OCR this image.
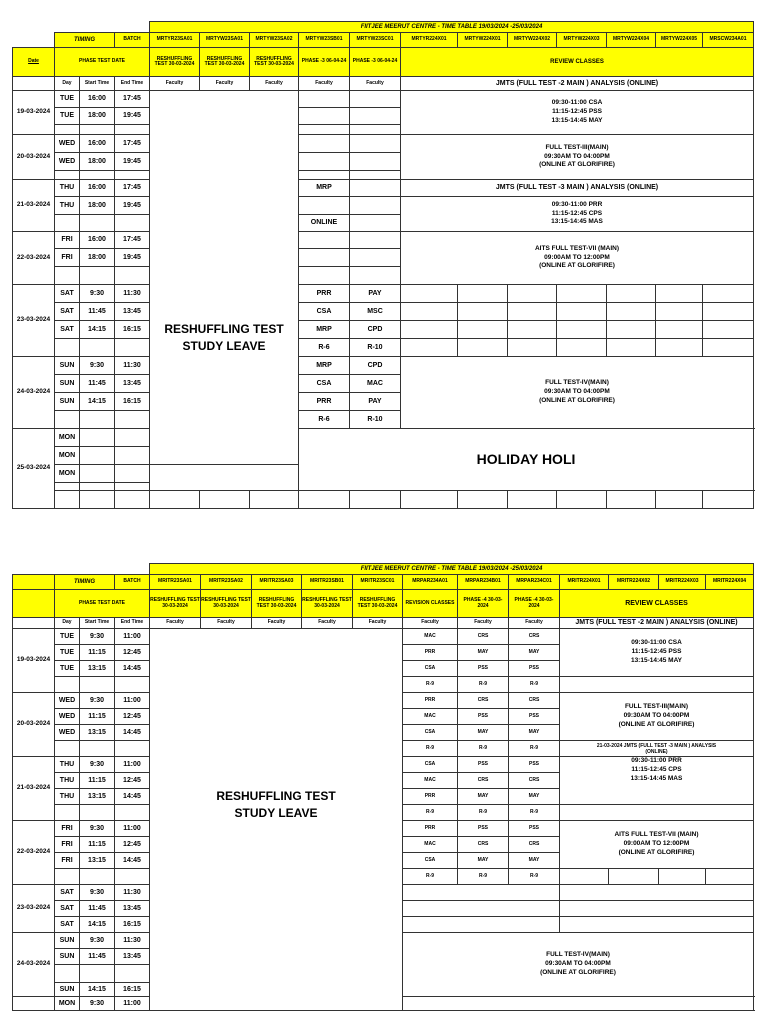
				FIITJEE MEERUT CENTRE - TIME TABLE 19/03/2024 -25/03/2024											
	TIMING		BATCH	MRTYR23SA01	MRTYW23SA01	MRTYW23SA02	MRTYW23SB01	MRTYW23SC01	MRTYR224X01	MRTYW224X01	MRTYW224X02	MRTYW224X03	MRTYW224X04	MRTYW224X05	MRSCW234A01
Date	PHASE TEST DATE			RESHUFFLING TEST 30-03-2024	RESHUFFLING TEST 30-03-2024	RESHUFFLING TEST 30-03-2024	PHASE -3 06-04-24	PHASE -3 06-04-24	REVIEW CLASSES						
	Day	Start Time	End Time	Faculty	Faculty	Faculty	Faculty	Faculty	JMTS (FULL TEST -2 MAIN ) ANALYSIS (ONLINE)						
19-03-2024	TUE	16:00	17:45	RESHUFFLING TEST
STUDY LEAVE					09:30-11:00 CSA
11:15-12:45 PSS
13:15-14:45 MAY						
	TUE	18:00	19:45												

20-03-2024	WED	16:00	17:45						FULL TEST-III(MAIN)
09:30AM TO 04:00PM
(ONLINE AT GLORIFIRE)						
	WED	18:00	19:45												

21-03-2024	THU	16:00	17:45				MRP		JMTS (FULL TEST -3 MAIN ) ANALYSIS (ONLINE)						
	THU	18:00	19:45						09:30-11:00 PRR
11:15-12:45 CPS
13:15-14:45 MAS						
							ONLINE								
22-03-2024	FRI	16:00	17:45						AITS FULL TEST-VII (MAIN)
09:00AM TO 12:00PM
(ONLINE AT GLORIFIRE)						
	FRI	18:00	19:45												

23-03-2024	SAT	9:30	11:30				PRR	PAY							
	SAT	11:45	13:45				CSA	MSC							
	SAT	14:15	16:15				MRP	CPD							
							R-6	R-10							
24-03-2024	SUN	9:30	11:30				MRP	CPD	FULL TEST-IV(MAIN)
09:30AM TO 04:00PM
(ONLINE AT GLORIFIRE)						
	SUN	11:45	13:45				CSA	MAC							
	SUN	14:15	16:15				PRR	PAY							
							R-6	R-10							
25-03-2024	MON						HOLIDAY HOLI								
	MON														
	MON														

				FIITJEE MEERUT CENTRE - TIME TABLE 19/03/2024 -25/03/2024											
	TIMING		BATCH	MRITR23SA01	MRITR23SA02	MRITR23SA03	MRITR23SB01	MRITR23SC01	MRPAR234A01	MRPAR234B01	MRPAR234C01	MRITR224X01	MRITR224X02	MRITR224X03	MRITR224X04
	PHASE TEST DATE			RESHUFFLING TEST 30-03-2024	RESHUFFLING TEST 30-03-2024	RESHUFFLING TEST 30-03-2024	RESHUFFLING TEST 30-03-2024	RESHUFFLING TEST 30-03-2024	REVISION CLASSES	PHASE -4 30-03-2024	PHASE -4 30-03-2024	REVIEW CLASSES			
	Day	Start Time	End Time	Faculty	Faculty	Faculty	Faculty	Faculty	Faculty	Faculty	Faculty	JMTS (FULL TEST -2 MAIN ) ANALYSIS (ONLINE)			
19-03-2024	TUE	9:30	11:00	RESHUFFLING TEST
STUDY LEAVE					MAC	CRS	CRS	09:30-11:00 CSA
11:15-12:45 PSS
13:15-14:45 MAY			
	TUE	11:15	12:45						PRR	MAY	MAY				
	TUE	13:15	14:45						CSA	PSS	PSS				
									R-9	R-9	R-9				
20-03-2024	WED	9:30	11:00						PRR	CRS	CRS	FULL TEST-III(MAIN)
09:30AM TO 04:00PM
(ONLINE AT GLORIFIRE)			
	WED	11:15	12:45						MAC	PSS	PSS				
	WED	13:15	14:45						CSA	MAY	MAY				
									R-9	R-9	R-9	21-03-2024 JMTS (FULL TEST -3 MAIN ) ANALYSIS
(ONLINE)			
21-03-2024	THU	9:30	11:00						CSA	PSS	PSS	09:30-11:00 PRR
11:15-12:45 CPS
13:15-14:45 MAS			
	THU	11:15	12:45						MAC	CRS	CRS				
	THU	13:15	14:45						PRR	MAY	MAY				
									R-9	R-9	R-9				
22-03-2024	FRI	9:30	11:00						PRR	PSS	PSS	AITS FULL TEST-VII (MAIN)
09:00AM TO 12:00PM
(ONLINE AT GLORIFIRE)			
	FRI	11:15	12:45						MAC	CRS	CRS				
	FRI	13:15	14:45						CSA	MAY	MAY				
									R-9	R-9	R-9				
23-03-2024	SAT	9:30	11:30												
	SAT	11:45	13:45												
	SAT	14:15	16:15												
24-03-2024	SUN	9:30	11:30						FULL TEST-IV(MAIN)
09:30AM TO 04:00PM
(ONLINE AT GLORIFIRE)						
	SUN	11:45	13:45												

	SUN	14:15	16:15												
	MON	9:30	11:00												
